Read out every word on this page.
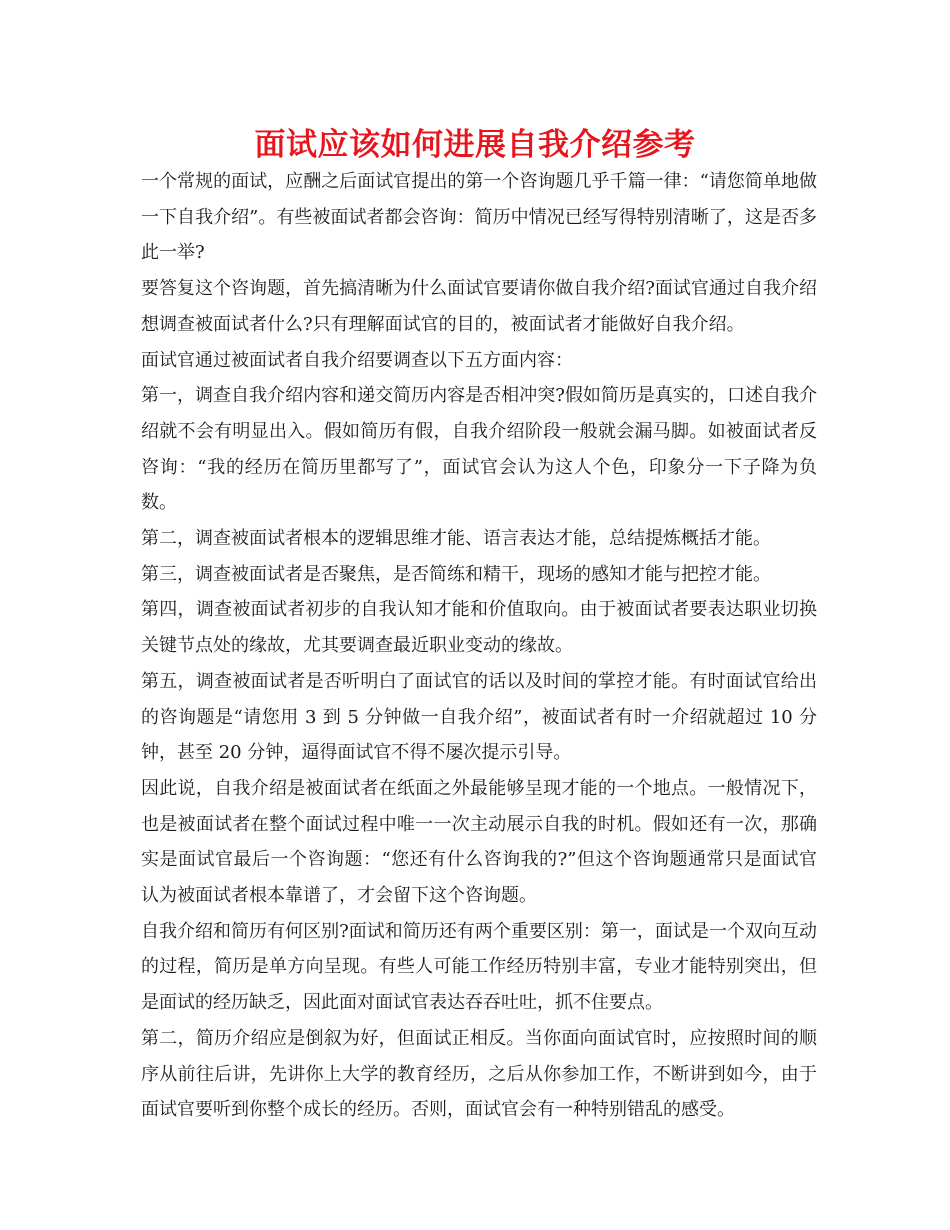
面试应该如何进展自我介绍参考

一个常规的面试，应酬之后面试官提出的第一个咨询题几乎千篇一律：“请您简单地做一下自我介绍”。有些被面试者都会咨询：简历中情况已经写得特别清晰了，这是否多此一举?

要答复这个咨询题，首先搞清晰为什么面试官要请你做自我介绍?面试官通过自我介绍想调查被面试者什么?只有理解面试官的目的，被面试者才能做好自我介绍。

面试官通过被面试者自我介绍要调查以下五方面内容：

第一，调查自我介绍内容和递交简历内容是否相冲突?假如简历是真实的，口述自我介绍就不会有明显出入。假如简历有假，自我介绍阶段一般就会漏马脚。如被面试者反咨询：“我的经历在简历里都写了”，面试官会认为这人个色，印象分一下子降为负数。

第二，调查被面试者根本的逻辑思维才能、语言表达才能，总结提炼概括才能。

第三，调查被面试者是否聚焦，是否简练和精干，现场的感知才能与把控才能。

第四，调查被面试者初步的自我认知才能和价值取向。由于被面试者要表达职业切换关键节点处的缘故，尤其要调查最近职业变动的缘故。

第五，调查被面试者是否听明白了面试官的话以及时间的掌控才能。有时面试官给出的咨询题是“请您用 3 到 5 分钟做一自我介绍”，被面试者有时一介绍就超过 10 分钟，甚至 20 分钟，逼得面试官不得不屡次提示引导。

因此说，自我介绍是被面试者在纸面之外最能够呈现才能的一个地点。一般情况下，也是被面试者在整个面试过程中唯一一次主动展示自我的时机。假如还有一次，那确实是面试官最后一个咨询题：“您还有什么咨询我的?”但这个咨询题通常只是面试官认为被面试者根本靠谱了，才会留下这个咨询题。

自我介绍和简历有何区别?面试和简历还有两个重要区别：第一，面试是一个双向互动的过程，简历是单方向呈现。有些人可能工作经历特别丰富，专业才能特别突出，但是面试的经历缺乏，因此面对面试官表达吞吞吐吐，抓不住要点。

第二，简历介绍应是倒叙为好，但面试正相反。当你面向面试官时，应按照时间的顺序从前往后讲，先讲你上大学的教育经历，之后从你参加工作，不断讲到如今，由于面试官要听到你整个成长的经历。否则，面试官会有一种特别错乱的感受。
